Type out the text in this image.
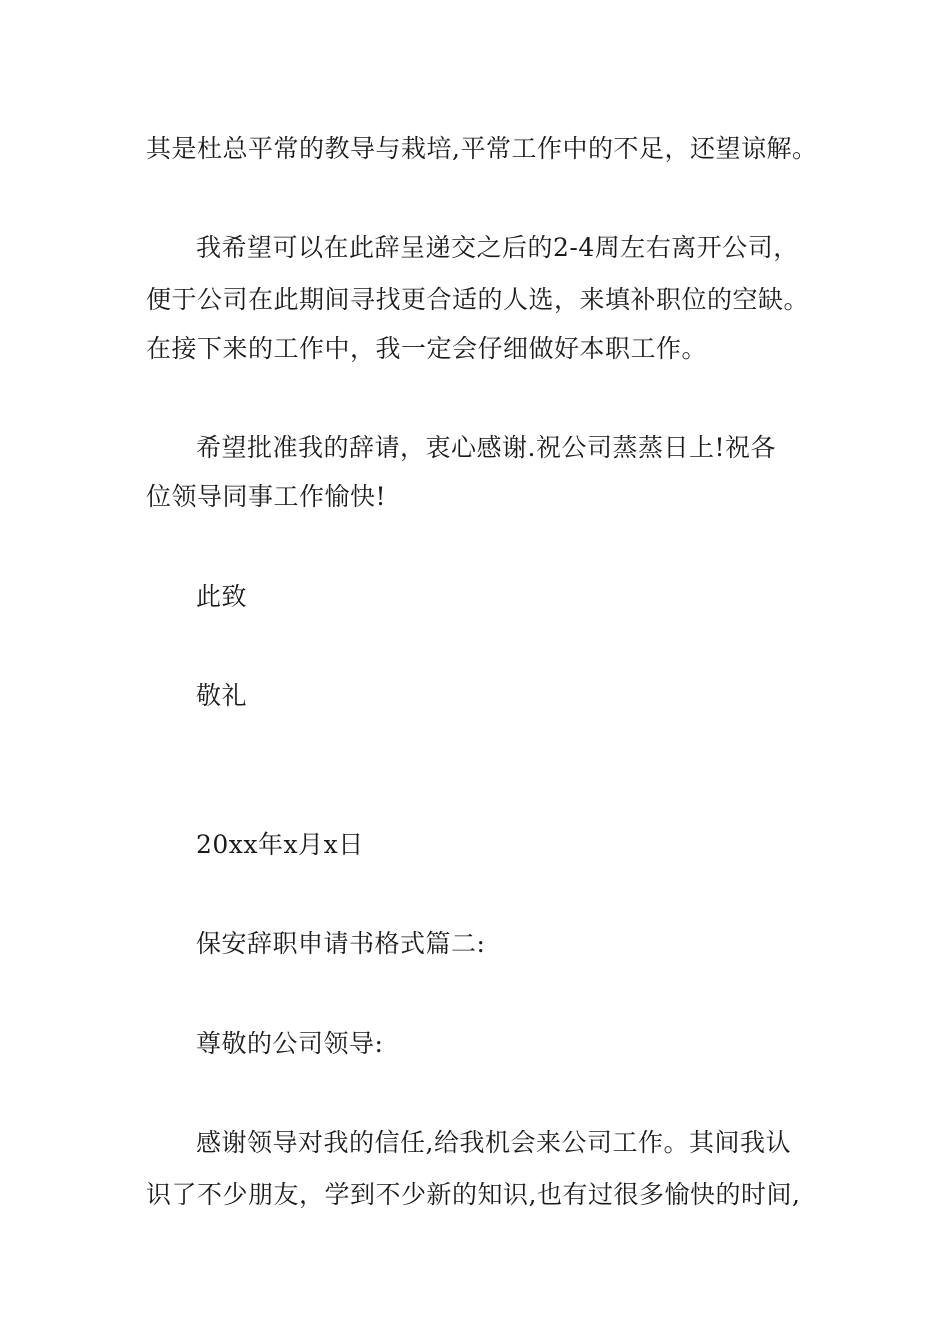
其是杜总平常的教导与栽培,平常工作中的不足，还望谅解。
我希望可以在此辞呈递交之后的2-4周左右离开公司，
便于公司在此期间寻找更合适的人选，来填补职位的空缺。
在接下来的工作中，我一定会仔细做好本职工作。
希望批准我的辞请，衷心感谢.祝公司蒸蒸日上!祝各
位领导同事工作愉快!
此致
敬礼
20xx年x月x日
保安辞职申请书格式篇二:
尊敬的公司领导:
感谢领导对我的信任,给我机会来公司工作。其间我认
识了不少朋友，学到不少新的知识,也有过很多愉快的时间,
